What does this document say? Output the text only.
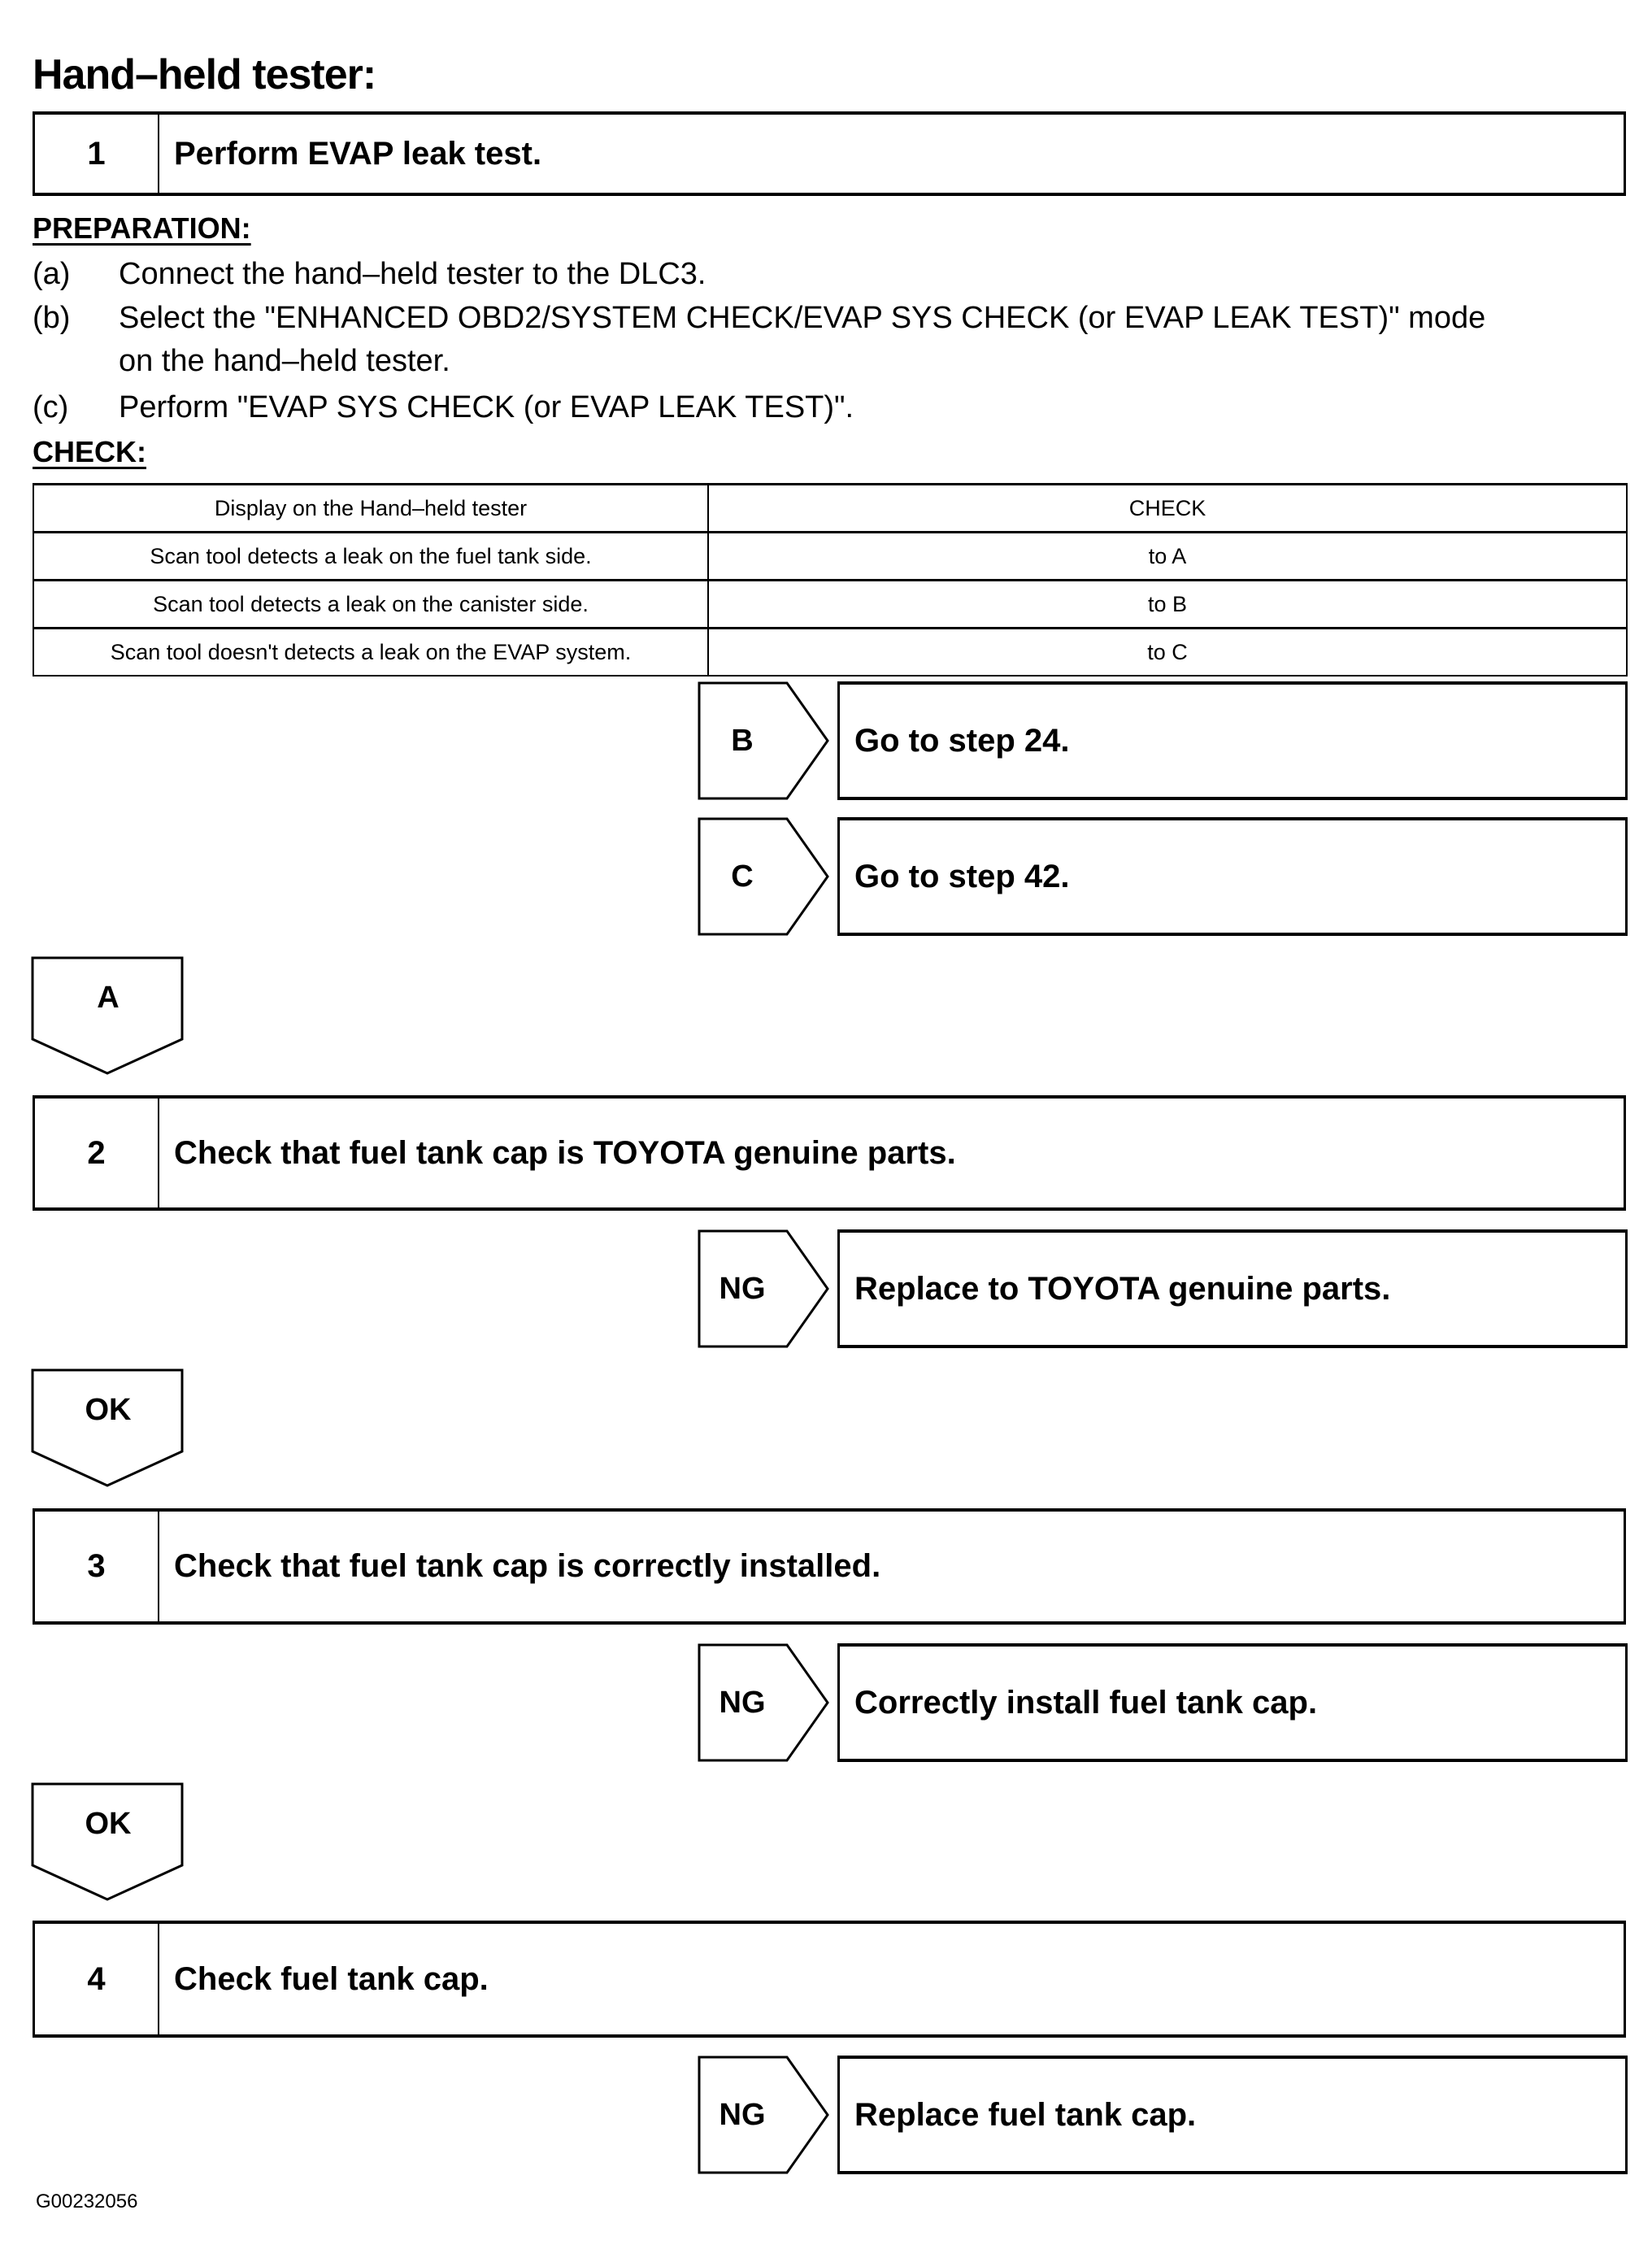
Hand–held tester:
1	Perform EVAP leak test.
PREPARATION:
(a)	Connect the hand–held tester to the DLC3.
(b)	Select the "ENHANCED OBD2/SYSTEM CHECK/EVAP SYS CHECK (or EVAP LEAK TEST)" mode
on the hand–held tester.
(c)	Perform "EVAP SYS CHECK (or EVAP LEAK TEST)".
CHECK:
Display on the Hand–held tester	CHECK
Scan tool detects a leak on the fuel tank side.	to A
Scan tool detects a leak on the canister side.	to B
Scan tool doesn't detects a leak on the EVAP system.	to C
B	Go to step 24.
C	Go to step 42.
A
2	Check that fuel tank cap is TOYOTA genuine parts.
NG	Replace to TOYOTA genuine parts.
OK
3	Check that fuel tank cap is correctly installed.
NG	Correctly install fuel tank cap.
OK
4	Check fuel tank cap.
NG	Replace fuel tank cap.
G00232056
